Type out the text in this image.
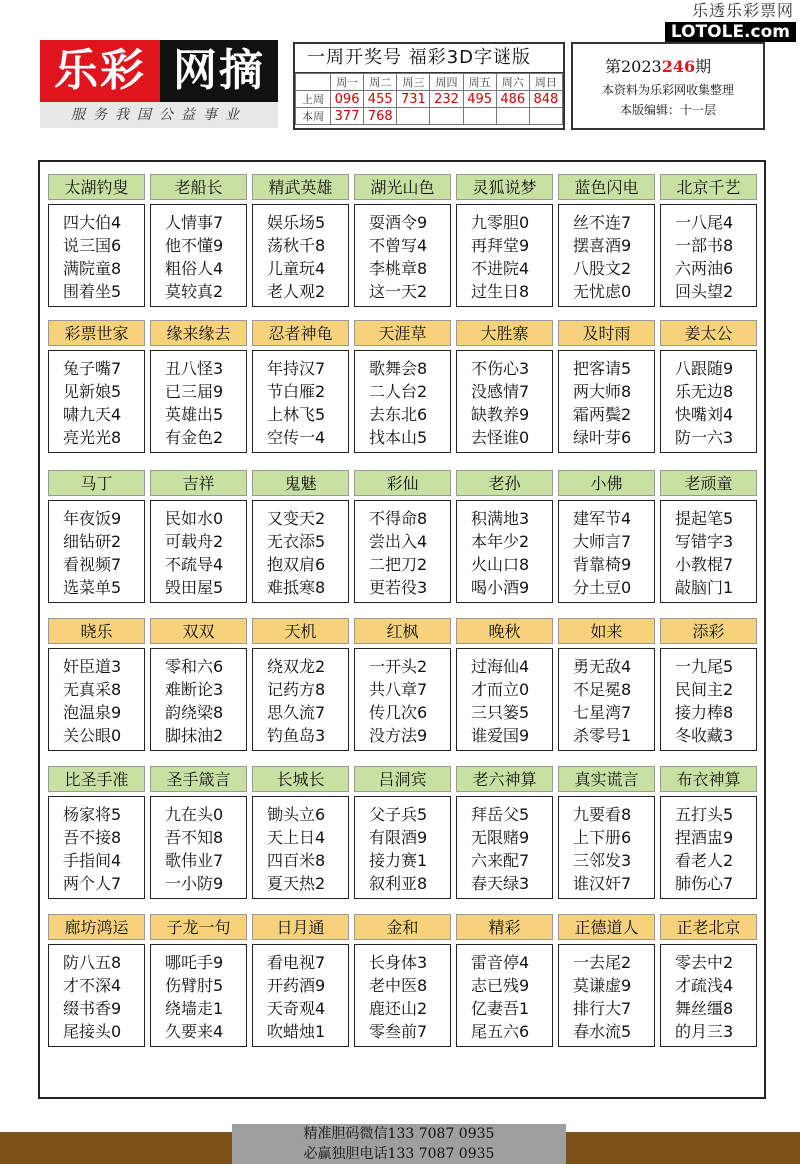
乐透乐彩票网
LOTOLE.com
乐彩 网摘
服务我国公益事业
一周开奖号 福彩3D字谜版
	周一	周二	周三	周四	周五	周六	周日
上周	096	455	731	232	495	486	848
本周	377	768					
第2023246期
本资料为乐彩网收集整理
本版编辑：十一层
太湖钓叟
四大伯4
说三国6
满院童8
围着坐5
老船长
人情事7
他不懂9
粗俗人4
莫较真2
精武英雄
娱乐场5
荡秋千8
儿童玩4
老人观2
湖光山色
耍酒令9
不曾写4
李桃章8
这一天2
灵狐说梦
九零胆0
再拜堂9
不进院4
过生日8
蓝色闪电
丝不连7
摆喜酒9
八股文2
无忧虑0
北京千艺
一八尾4
一部书8
六两油6
回头望2
彩票世家
兔子嘴7
见新娘5
啸九天4
亮光光8
缘来缘去
丑八怪3
已三届9
英雄出5
有金色2
忍者神龟
年持汉7
节白雁2
上林飞5
空传一4
天涯草
歌舞会8
二人台2
去东北6
找本山5
大胜寨
不伤心3
没感情7
缺教养9
去怪谁0
及时雨
把客请5
两大师8
霜两鬓2
绿叶芽6
姜太公
八跟随9
乐无边8
快嘴刘4
防一六3
马丁
年夜饭9
细钻研2
看视频7
选菜单5
吉祥
民如水0
可载舟2
不疏导4
毁田屋5
鬼魅
又变天2
无衣添5
抱双肩6
难抵寒8
彩仙
不得命8
尝出入4
二把刀2
更若役3
老孙
积满地3
本年少2
火山口8
喝小酒9
小佛
建军节4
大师言7
背靠椅9
分土豆0
老顽童
提起笔5
写错字3
小教棍7
敲脑门1
晓乐
奸臣道3
无真采8
泡温泉9
关公眼0
双双
零和六6
难断论3
韵绕梁8
脚抹油2
天机
绕双龙2
记药方8
思久流7
钓鱼岛3
红枫
一开头2
共八章7
传几次6
没方法9
晚秋
过海仙4
才而立0
三只篓5
谁爱国9
如来
勇无敌4
不足冕8
七星湾7
杀零号1
添彩
一九尾5
民间主2
接力棒8
冬收藏3
比圣手准
杨家将5
吾不接8
手指间4
两个人7
圣手箴言
九在头0
吾不知8
歌伟业7
一小防9
长城长
锄头立6
天上日4
四百米8
夏天热2
吕洞宾
父子兵5
有限酒9
接力赛1
叙利亚8
老六神算
拜岳父5
无限赌9
六来配7
春天绿3
真实谎言
九要看8
上下册6
三邻发3
谁汉奸7
布衣神算
五打头5
捏酒盅9
看老人2
肺伤心7
廊坊鸿运
防八五8
才不深4
缀书香9
尾接头0
子龙一句
哪吒手9
伤臂肘5
绕墙走1
久要来4
日月通
看电视7
开药酒9
天奇观4
吹蜡烛1
金和
长身体3
老中医8
鹿还山2
零叁前7
精彩
雷音停4
志已残9
亿妻吾1
尾五六6
正德道人
一去尾2
莫谦虚9
排行大7
春水流5
正老北京
零去中2
才疏浅4
舞丝缰8
的月三3
精准胆码微信133 7087 0935
必赢独胆电话133 7087 0935
